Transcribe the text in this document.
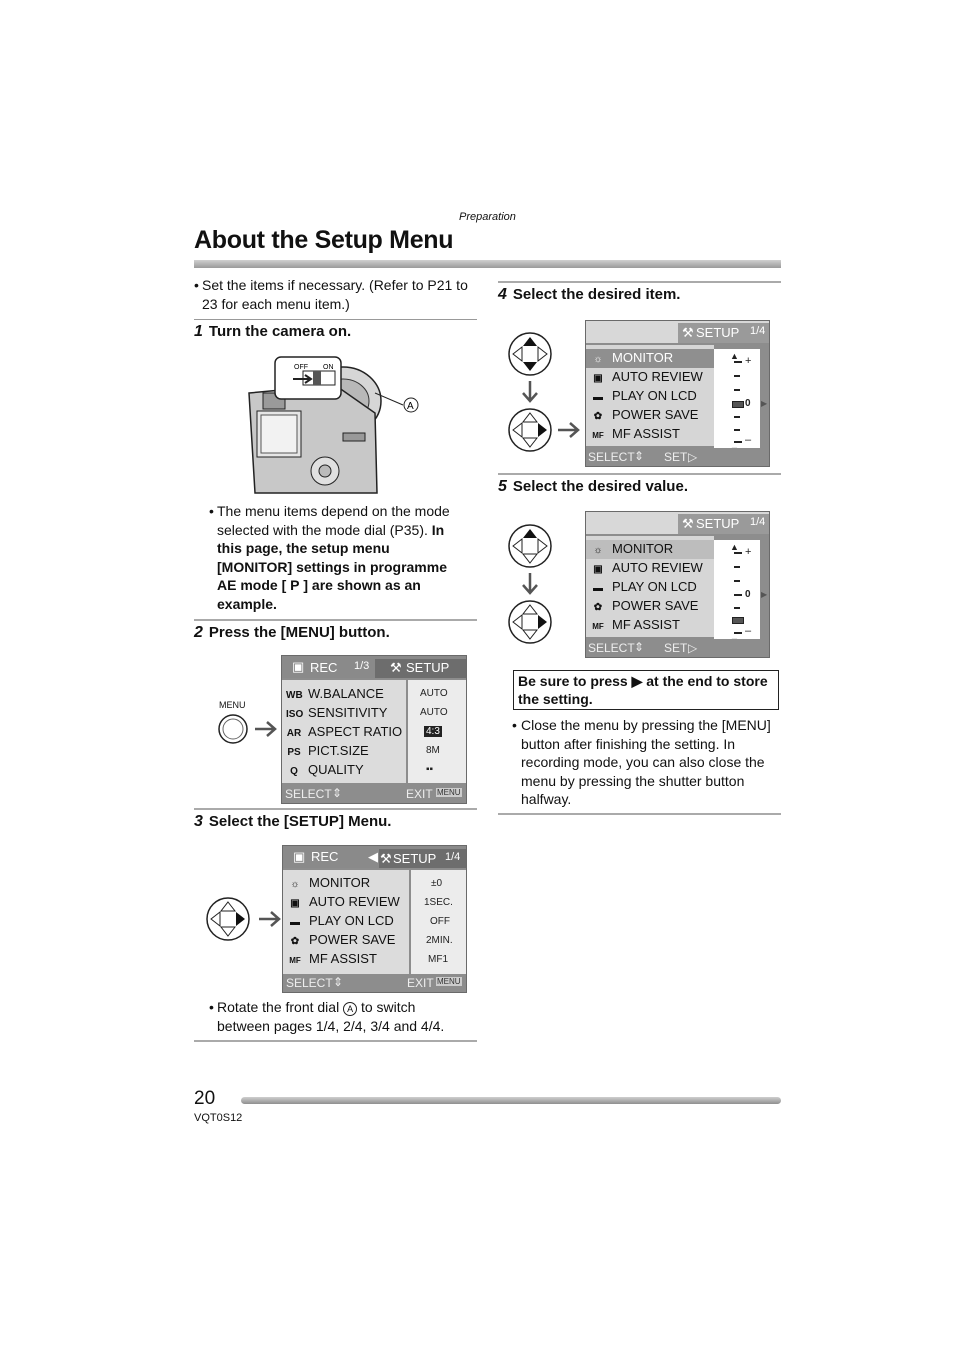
Preparation
About the Setup Menu
• Set the items if necessary. (Refer to P21 to 23 for each menu item.)
1 Turn the camera on.
OFF ON
A
• The menu items depend on the mode selected with the mode dial (P35). In this page, the setup menu [MONITOR] settings in programme AE mode [ P ] are shown as an example.
2 Press the [MENU] button.
MENU
▣ REC 1/3 ⚒ SETUP
WB W.BALANCE
ISO SENSITIVITY
AR ASPECT RATIO
PS PICT.SIZE
Q QUALITY
AUTO
AUTO
4:3
8M
▪▪
SELECT ⇕	EXIT MENU
3 Select the [SETUP] Menu.
▣ REC ◀ ⚒ SETUP 1/4
☼ MONITOR
▣ AUTO REVIEW
▬ PLAY ON LCD
✿ POWER SAVE
MF MF ASSIST
±0
1SEC.
OFF
2MIN.
MF1
SELECT ⇕	EXIT MENU
• Rotate the front dial A to switch between pages 1/4, 2/4, 3/4 and 4/4.
4 Select the desired item.
⚒ SETUP 1/4
☼ MONITOR
▣ AUTO REVIEW
▬ PLAY ON LCD
✿ POWER SAVE
MF MF ASSIST
▲ +
0
–
▶
SELECT ⇕ SET ▷
5 Select the desired value.
⚒ SETUP 1/4
☼ MONITOR
▣ AUTO REVIEW
▬ PLAY ON LCD
✿ POWER SAVE
MF MF ASSIST
▲ +
0
–
▶
SELECT ⇕ SET ▷
Be sure to press ▶ at the end to store the setting.
• Close the menu by pressing the [MENU] button after finishing the setting. In recording mode, you can also close the menu by pressing the shutter button halfway.
20
VQT0S12
